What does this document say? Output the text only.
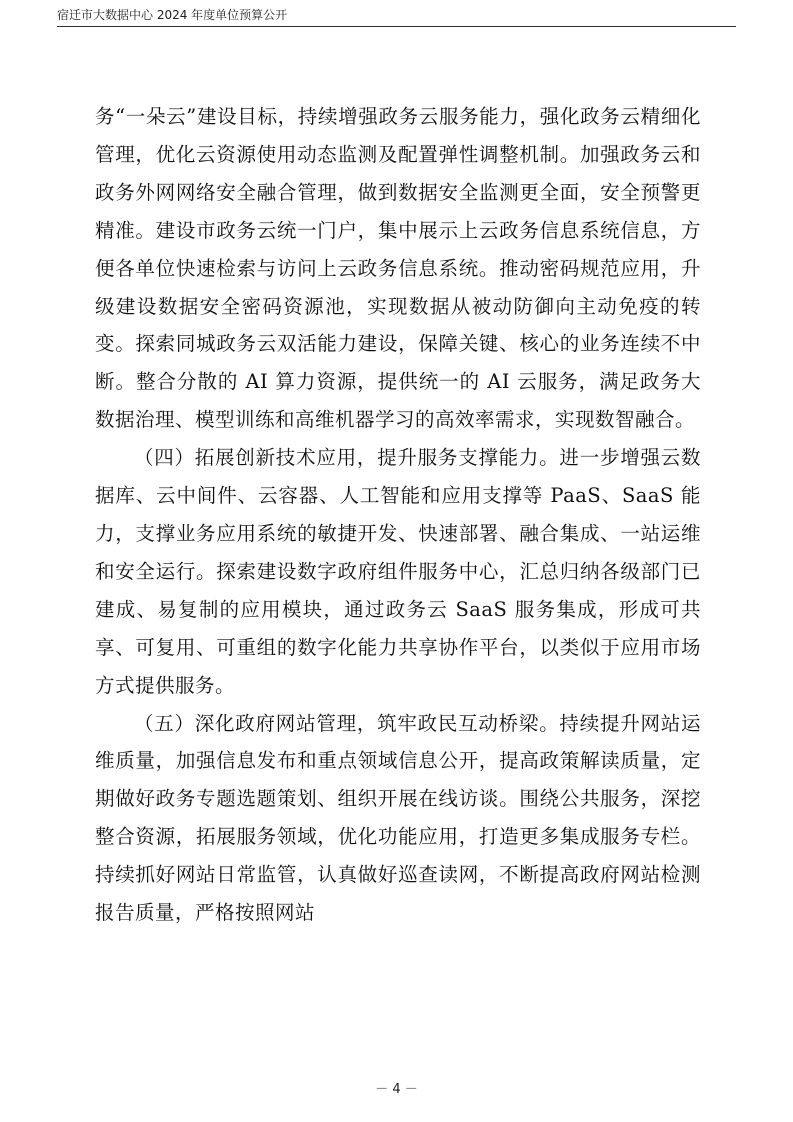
宿迁市大数据中心 2024 年度单位预算公开

务“一朵云”建设目标，持续增强政务云服务能力，强化政务云精细化管理，优化云资源使用动态监测及配置弹性调整机制。加强政务云和政务外网网络安全融合管理，做到数据安全监测更全面，安全预警更精准。建设市政务云统一门户，集中展示上云政务信息系统信息，方便各单位快速检索与访问上云政务信息系统。推动密码规范应用，升级建设数据安全密码资源池，实现数据从被动防御向主动免疫的转变。探索同城政务云双活能力建设，保障关键、核心的业务连续不中断。整合分散的 AI 算力资源，提供统一的 AI 云服务，满足政务大数据治理、模型训练和高维机器学习的高效率需求，实现数智融合。

（四）拓展创新技术应用，提升服务支撑能力。进一步增强云数据库、云中间件、云容器、人工智能和应用支撑等 PaaS、SaaS 能力，支撑业务应用系统的敏捷开发、快速部署、融合集成、一站运维和安全运行。探索建设数字政府组件服务中心，汇总归纳各级部门已建成、易复制的应用模块，通过政务云 SaaS 服务集成，形成可共享、可复用、可重组的数字化能力共享协作平台，以类似于应用市场方式提供服务。

（五）深化政府网站管理，筑牢政民互动桥梁。持续提升网站运维质量，加强信息发布和重点领域信息公开，提高政策解读质量，定期做好政务专题选题策划、组织开展在线访谈。围绕公共服务，深挖整合资源，拓展服务领域，优化功能应用，打造更多集成服务专栏。持续抓好网站日常监管，认真做好巡查读网，不断提高政府网站检测报告质量，严格按照网站

－ 4 －
